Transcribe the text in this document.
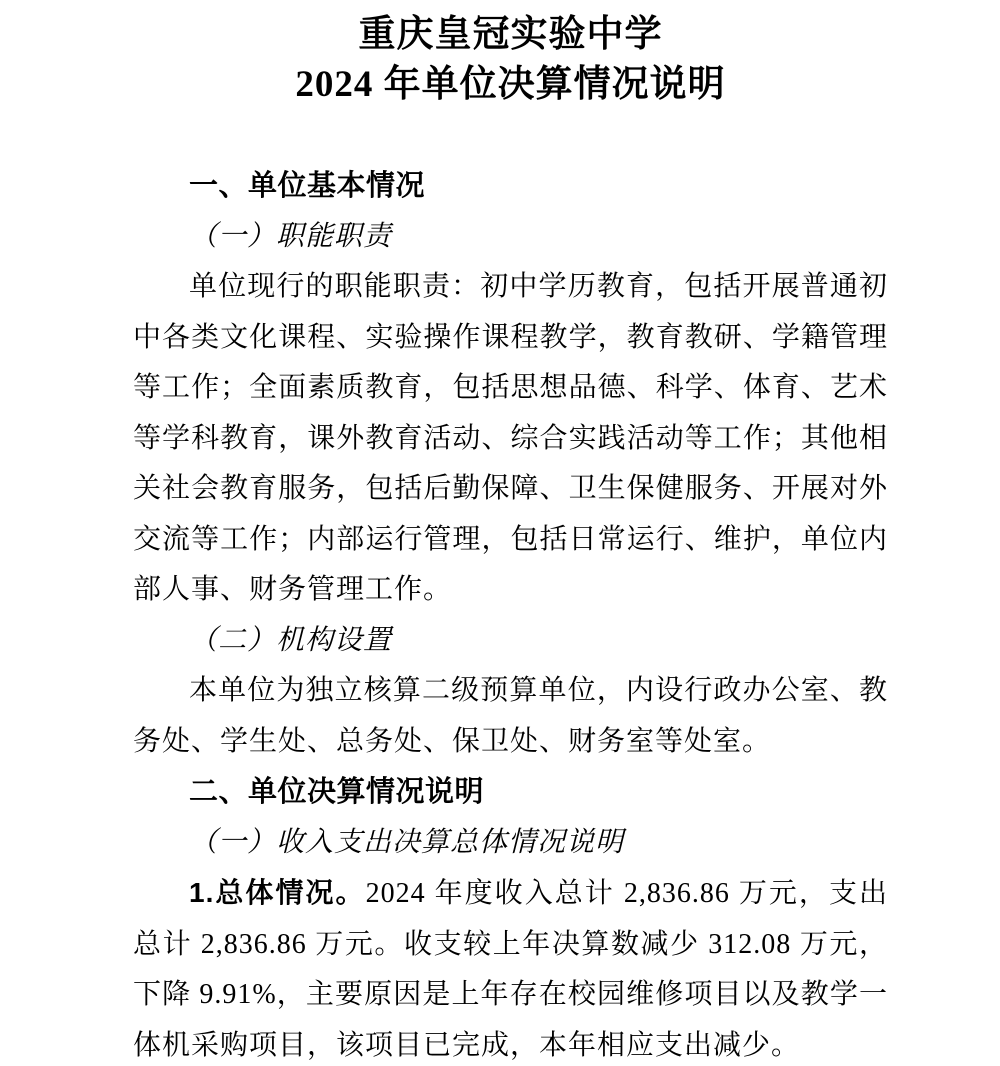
重庆皇冠实验中学
2024 年单位决算情况说明
一、单位基本情况
（一）职能职责
单位现行的职能职责：初中学历教育，包括开展普通初中各类文化课程、实验操作课程教学，教育教研、学籍管理等工作；全面素质教育，包括思想品德、科学、体育、艺术等学科教育，课外教育活动、综合实践活动等工作；其他相关社会教育服务，包括后勤保障、卫生保健服务、开展对外交流等工作；内部运行管理，包括日常运行、维护，单位内部人事、财务管理工作。
（二）机构设置
本单位为独立核算二级预算单位，内设行政办公室、教务处、学生处、总务处、保卫处、财务室等处室。
二、单位决算情况说明
（一）收入支出决算总体情况说明
1.总体情况。2024 年度收入总计 2,836.86 万元，支出总计 2,836.86 万元。收支较上年决算数减少 312.08 万元，下降 9.91%，主要原因是上年存在校园维修项目以及教学一体机采购项目，该项目已完成，本年相应支出减少。
